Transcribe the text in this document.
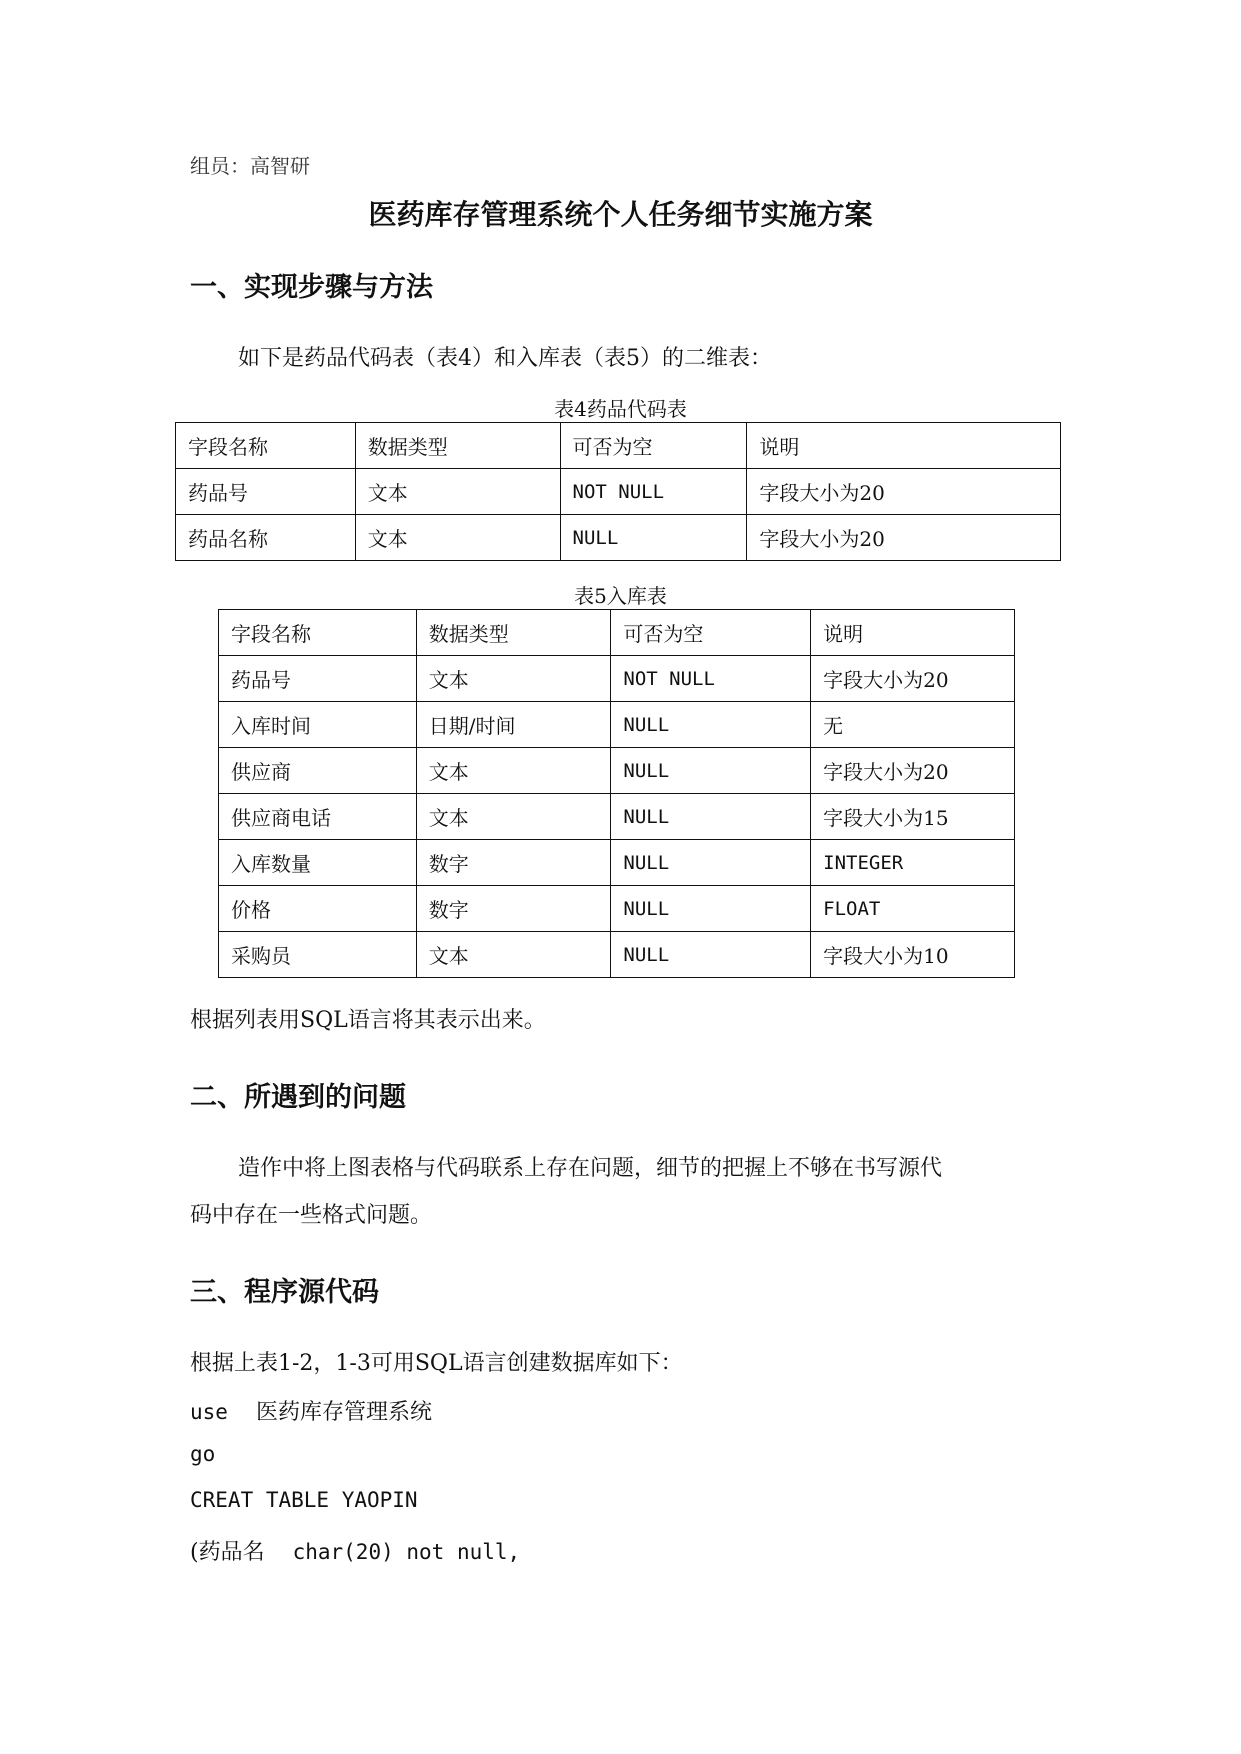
组员：高智研
医药库存管理系统个人任务细节实施方案
一、实现步骤与方法
如下是药品代码表（表4）和入库表（表5）的二维表：
表4药品代码表
字段名称	数据类型	可否为空	说明
药品号	文本	NOT NULL	字段大小为20
药品名称	文本	NULL	字段大小为20
表5入库表
字段名称	数据类型	可否为空	说明
药品号	文本	NOT NULL	字段大小为20
入库时间	日期/时间	NULL	无
供应商	文本	NULL	字段大小为20
供应商电话	文本	NULL	字段大小为15
入库数量	数字	NULL	INTEGER
价格	数字	NULL	FLOAT
采购员	文本	NULL	字段大小为10
根据列表用SQL语言将其表示出来。
二、所遇到的问题
造作中将上图表格与代码联系上存在问题，细节的把握上不够在书写源代
码中存在一些格式问题。
三、程序源代码
根据上表1-2，1-3可用SQL语言创建数据库如下：
use 医药库存管理系统
go
CREAT TABLE YAOPIN
(药品名 char(20) not null,
